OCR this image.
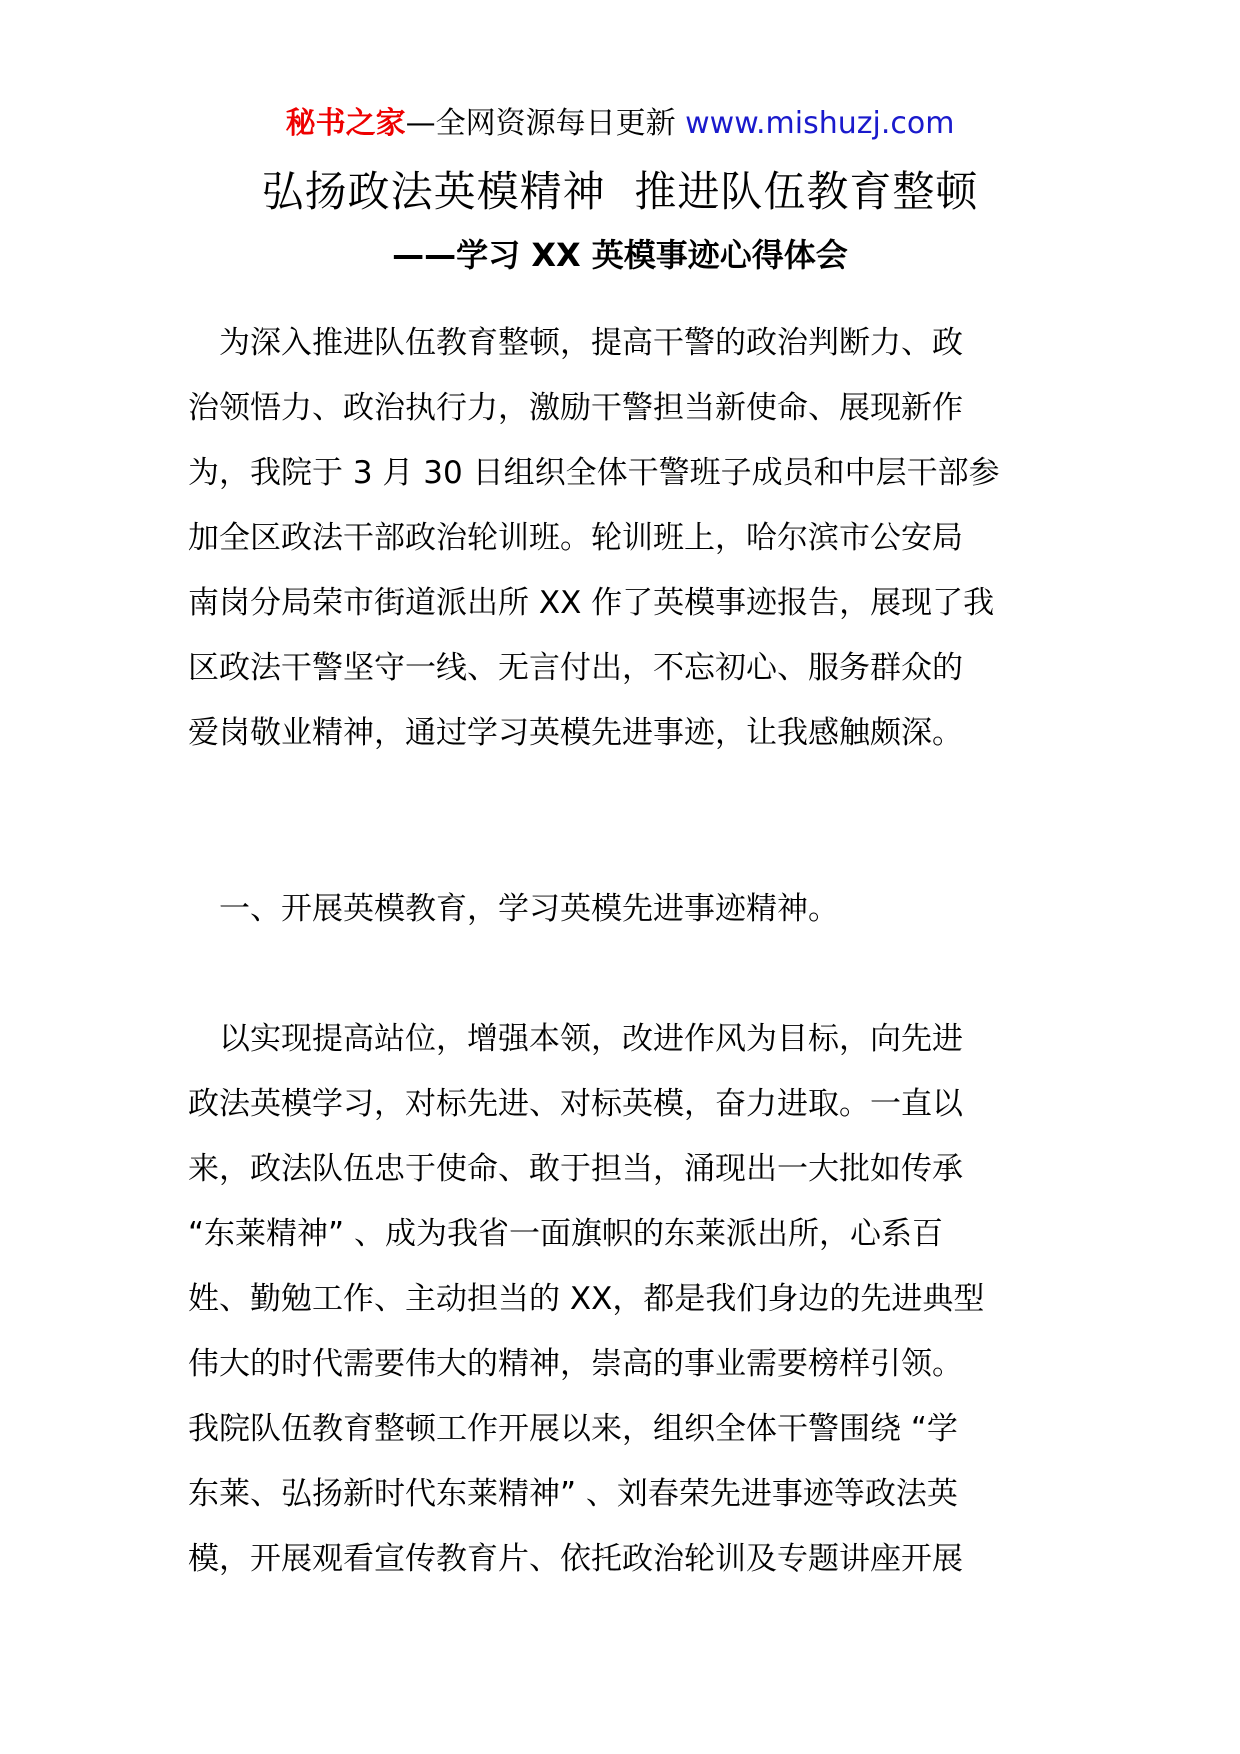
秘书之家—全网资源每日更新 www.mishuzj.com
弘扬政法英模精神  推进队伍教育整顿
——学习 XX 英模事迹心得体会
　为深入推进队伍教育整顿，提高干警的政治判断力、政
治领悟力、政治执行力，激励干警担当新使命、展现新作
为，我院于 3 月 30 日组织全体干警班子成员和中层干部参
加全区政法干部政治轮训班。轮训班上，哈尔滨市公安局
南岗分局荣市街道派出所 XX 作了英模事迹报告，展现了我
区政法干警坚守一线、无言付出，不忘初心、服务群众的
爱岗敬业精神，通过学习英模先进事迹，让我感触颇深。
　一、开展英模教育，学习英模先进事迹精神。
　以实现提高站位，增强本领，改进作风为目标，向先进
政法英模学习，对标先进、对标英模，奋力进取。一直以
来，政法队伍忠于使命、敢于担当，涌现出一大批如传承
“东莱精神” 、成为我省一面旗帜的东莱派出所，心系百
姓、勤勉工作、主动担当的 XX，都是我们身边的先进典型
伟大的时代需要伟大的精神，崇高的事业需要榜样引领。
我院队伍教育整顿工作开展以来，组织全体干警围绕 “学
东莱、弘扬新时代东莱精神” 、刘春荣先进事迹等政法英
模，开展观看宣传教育片、依托政治轮训及专题讲座开展
